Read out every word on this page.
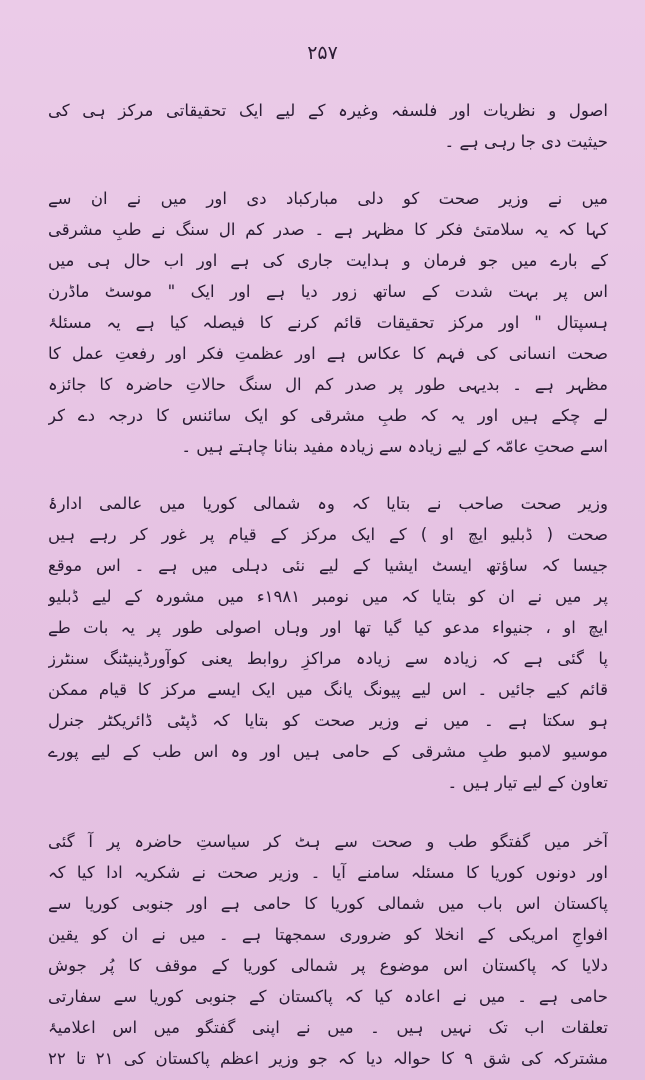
۲۵۷
اصول و نظریات اور فلسفہ وغیرہ کے لیے ایک تحقیقاتی مرکز ہی کی
حیثیت دی جا رہی ہے ۔
میں نے وزیر صحت کو دلی مبارکباد دی اور میں نے ان سے
کہا کہ یہ سلامتیٔ فکر کا مظہر ہے ۔ صدر کم ال سنگ نے طبِ مشرقی
کے بارے میں جو فرمان و ہدایت جاری کی ہے اور اب حال ہی میں
اس پر بہت شدت کے ساتھ زور دیا ہے اور ایک " موسٹ ماڈرن
ہسپتال " اور مرکز تحقیقات قائم کرنے کا فیصلہ کیا ہے یہ مسئلۂ
صحت انسانی کی فہم کا عکاس ہے اور عظمتِ فکر اور رفعتِ عمل کا
مظہر ہے ۔ بدیہی طور پر صدر کم ال سنگ حالاتِ حاضرہ کا جائزہ
لے چکے ہیں اور یہ کہ طبِ مشرقی کو ایک سائنس کا درجہ دے کر
اسے صحتِ عامّہ کے لیے زیادہ سے زیادہ مفید بنانا چاہتے ہیں ۔
وزیر صحت صاحب نے بتایا کہ وہ شمالی کوریا میں عالمی ادارۂ
صحت ( ڈبلیو ایچ او ) کے ایک مرکز کے قیام پر غور کر رہے ہیں
جیسا کہ ساؤتھ ایسٹ ایشیا کے لیے نئی دہلی میں ہے ۔ اس موقع
پر میں نے ان کو بتایا کہ میں نومبر ۱۹۸۱ء میں مشورہ کے لیے ڈبلیو
ایچ او ، جنیواء مدعو کیا گیا تھا اور وہاں اصولی طور پر یہ بات طے
پا گئی ہے کہ زیادہ سے زیادہ مراکزِ روابط یعنی کوآورڈینیٹنگ سنٹرز
قائم کیے جائیں ۔ اس لیے پیونگ یانگ میں ایک ایسے مرکز کا قیام ممکن
ہو سکتا ہے ۔ میں نے وزیر صحت کو بتایا کہ ڈپٹی ڈائریکٹر جنرل
موسیو لامبو طبِ مشرقی کے حامی ہیں اور وہ اس طب کے لیے پورے
تعاون کے لیے تیار ہیں ۔
آخر میں گفتگو طب و صحت سے ہٹ کر سیاستِ حاضرہ پر آ گئی
اور دونوں کوریا کا مسئلہ سامنے آیا ۔ وزیر صحت نے شکریہ ادا کیا کہ
پاکستان اس باب میں شمالی کوریا کا حامی ہے اور جنوبی کوریا سے
افواجِ امریکی کے انخلا کو ضروری سمجھتا ہے ۔ میں نے ان کو یقین
دلایا کہ پاکستان اس موضوع پر شمالی کوریا کے موقف کا پُر جوش
حامی ہے ۔ میں نے اعادہ کیا کہ پاکستان کے جنوبی کوریا سے سفارتی
تعلقات اب تک نہیں ہیں ۔ میں نے اپنی گفتگو میں اس اعلامیۂ
مشترکہ کی شق ۹ کا حوالہ دیا کہ جو وزیر اعظم پاکستان کی ۲۱ تا ۲۲
